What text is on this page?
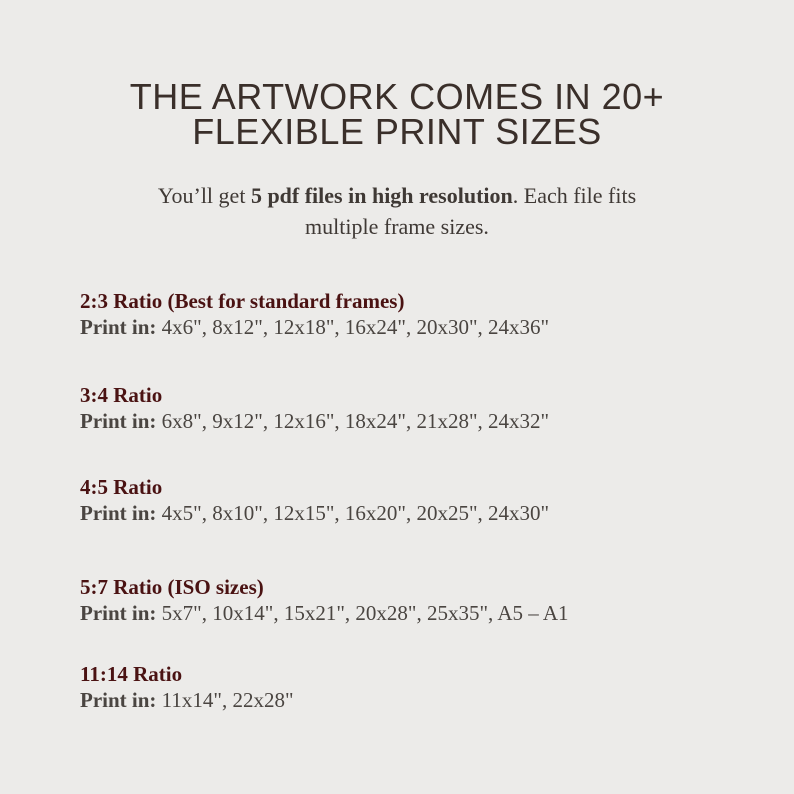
THE ARTWORK COMES IN 20+
FLEXIBLE PRINT SIZES
You’ll get 5 pdf files in high resolution. Each file fits
multiple frame sizes.
2:3 Ratio (Best for standard frames)
Print in: 4x6", 8x12", 12x18", 16x24", 20x30", 24x36"
3:4 Ratio
Print in: 6x8", 9x12", 12x16", 18x24", 21x28", 24x32"
4:5 Ratio
Print in: 4x5", 8x10", 12x15", 16x20", 20x25", 24x30"
5:7 Ratio (ISO sizes)
Print in: 5x7", 10x14", 15x21", 20x28", 25x35", A5 – A1
11:14 Ratio
Print in: 11x14", 22x28"
